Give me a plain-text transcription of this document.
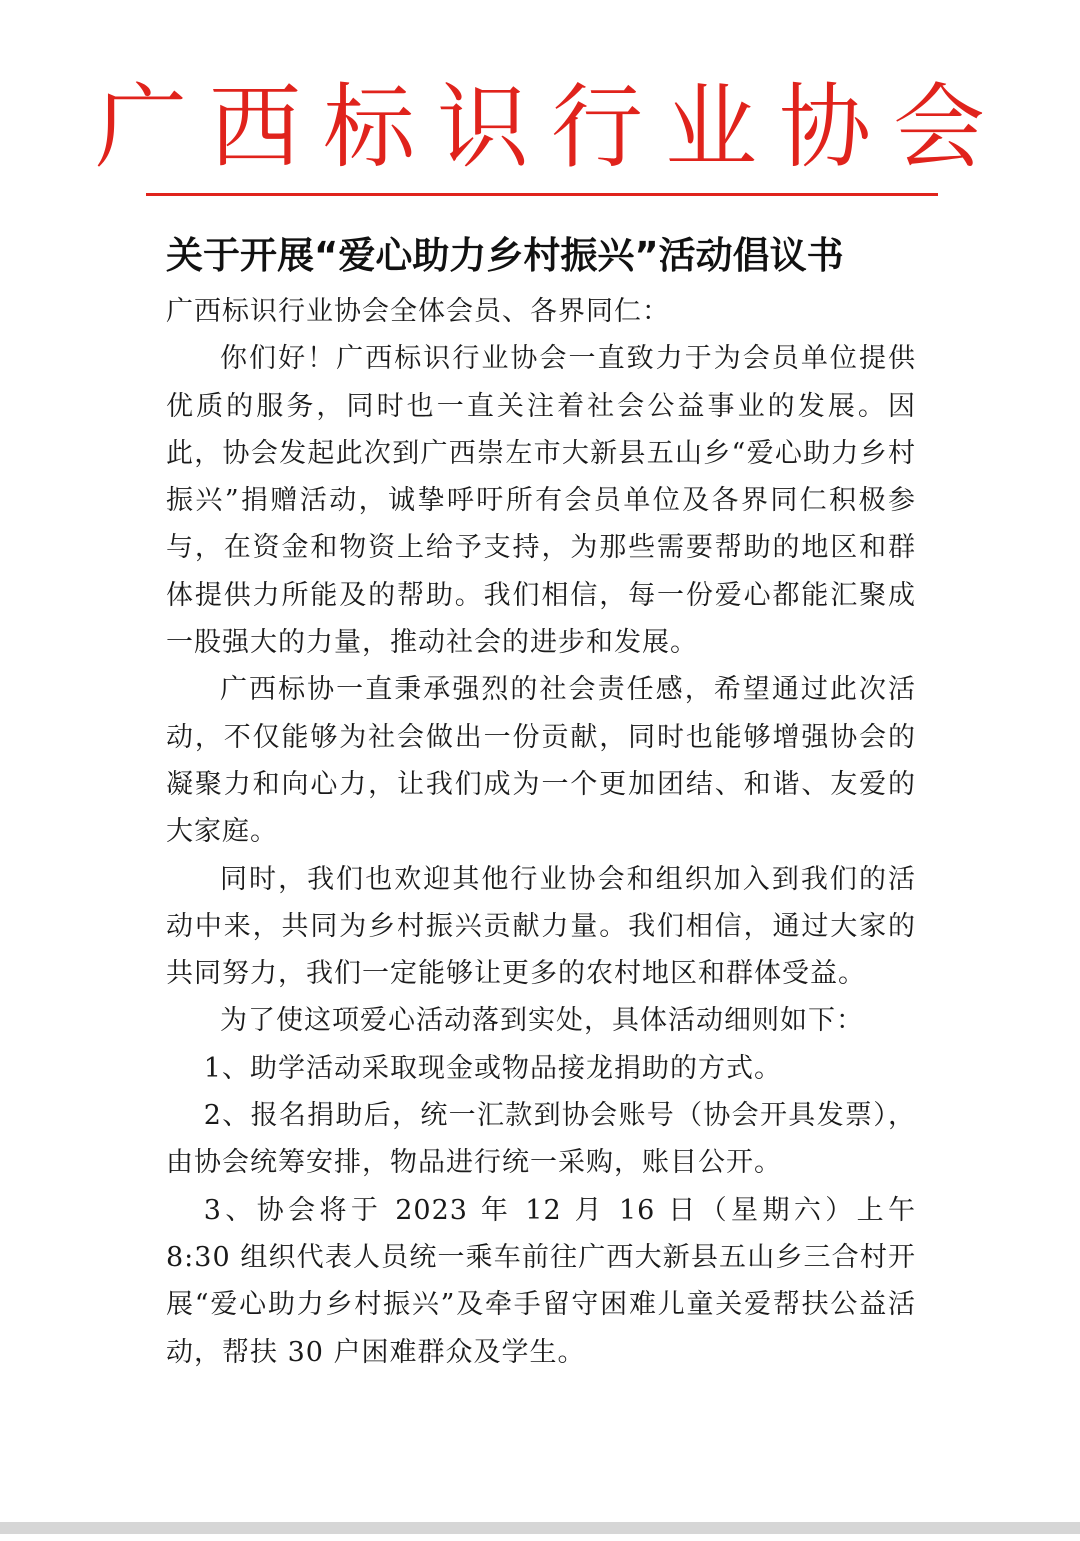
广西标识行业协会
关于开展“爱心助力乡村振兴”活动倡议书

广西标识行业协会全体会员、各界同仁：

你们好！广西标识行业协会一直致力于为会员单位提供优质的服务，同时也一直关注着社会公益事业的发展。因此，协会发起此次到广西崇左市大新县五山乡“爱心助力乡村振兴”捐赠活动，诚挚呼吁所有会员单位及各界同仁积极参与，在资金和物资上给予支持，为那些需要帮助的地区和群体提供力所能及的帮助。我们相信，每一份爱心都能汇聚成一股强大的力量，推动社会的进步和发展。

广西标协一直秉承强烈的社会责任感，希望通过此次活动，不仅能够为社会做出一份贡献，同时也能够增强协会的凝聚力和向心力，让我们成为一个更加团结、和谐、友爱的大家庭。

同时，我们也欢迎其他行业协会和组织加入到我们的活动中来，共同为乡村振兴贡献力量。我们相信，通过大家的共同努力，我们一定能够让更多的农村地区和群体受益。

为了使这项爱心活动落到实处，具体活动细则如下：

1、助学活动采取现金或物品接龙捐助的方式。

2、报名捐助后，统一汇款到协会账号（协会开具发票），由协会统筹安排，物品进行统一采购，账目公开。

3、协会将于 2023 年 12 月 16 日（星期六）上午 8:30 组织代表人员统一乘车前往广西大新县五山乡三合村开展“爱心助力乡村振兴”及牵手留守困难儿童关爱帮扶公益活动，帮扶 30 户困难群众及学生。
